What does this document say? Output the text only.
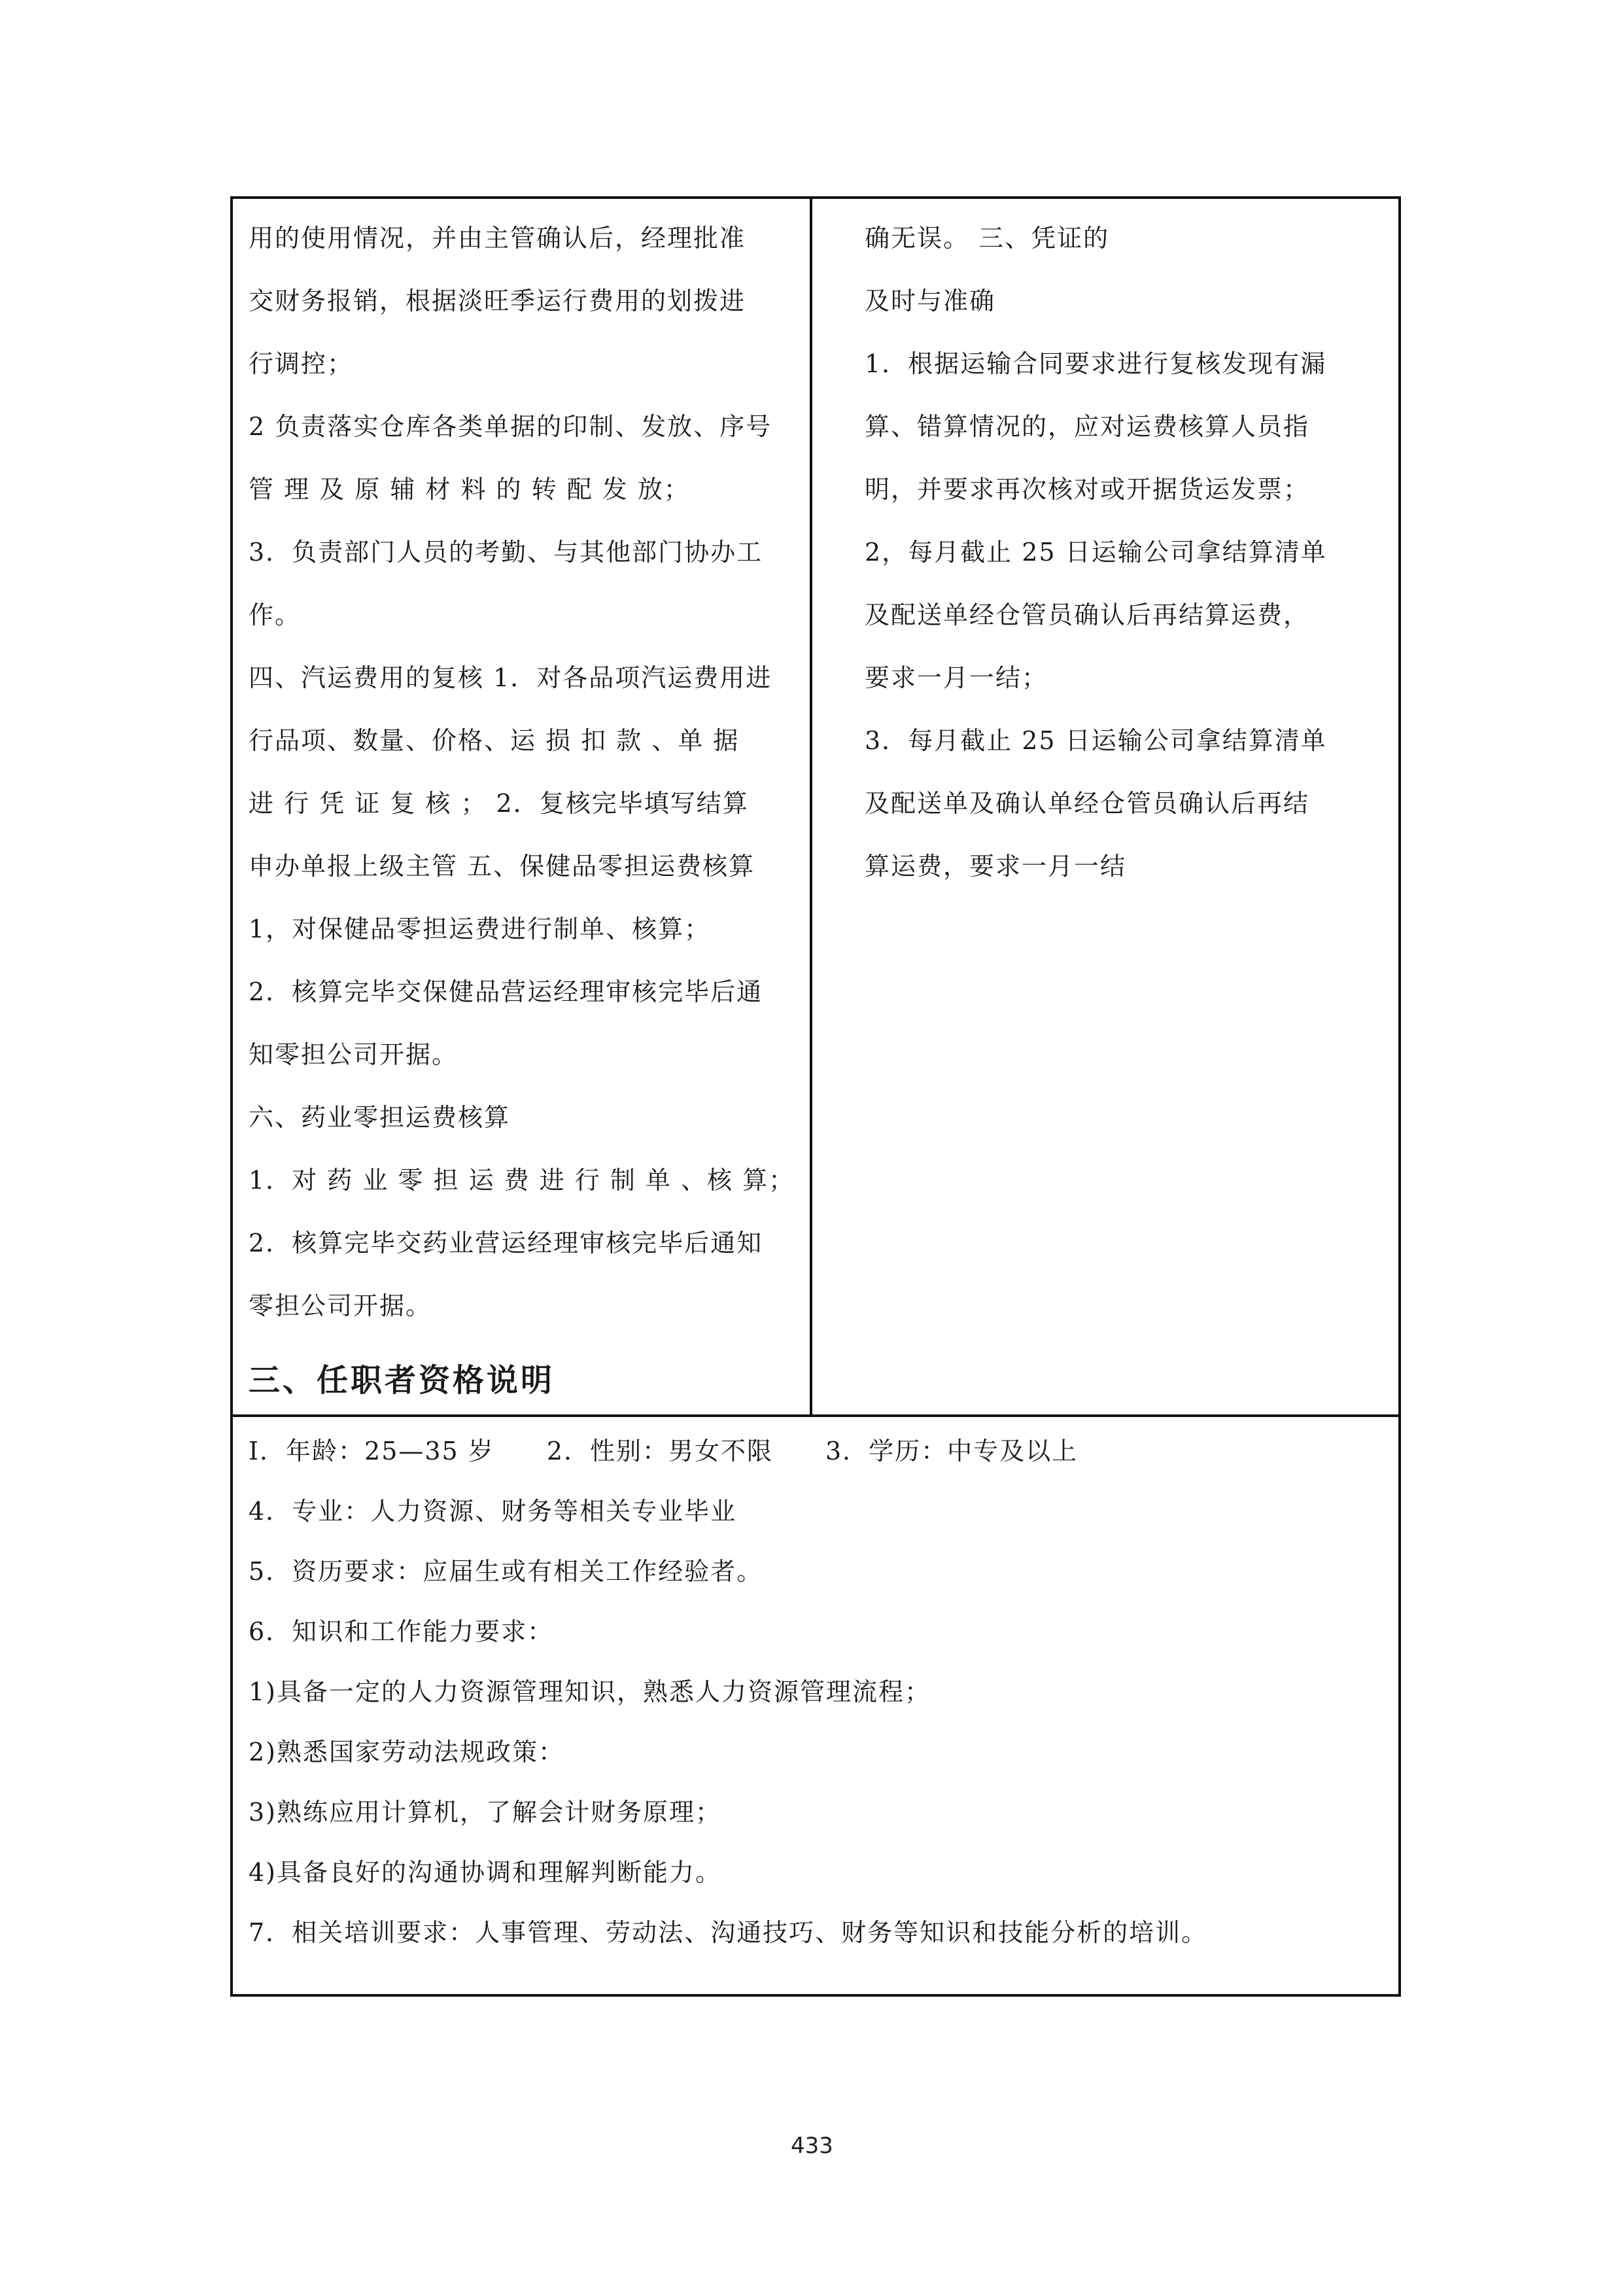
用的使用情况，并由主管确认后，经理批准
交财务报销，根据淡旺季运行费用的划拨进
行调控；
2 负责落实仓库各类单据的印制、发放、序号
管 理 及 原 辅 材 料 的 转 配 发 放；
3．负责部门人员的考勤、与其他部门协办工
作。
四、汽运费用的复核 1．对各品项汽运费用进
行品项、数量、价格、运 损 扣 款 、单 据
进 行 凭 证 复 核 ； 2．复核完毕填写结算
申办单报上级主管 五、保健品零担运费核算
1，对保健品零担运费进行制单、核算；
2．核算完毕交保健品营运经理审核完毕后通
知零担公司开据。
六、药业零担运费核算
1．对 药 业 零 担 运 费 进 行 制 单 、核 算；
2．核算完毕交药业营运经理审核完毕后通知
零担公司开据。
三、任职者资格说明
确无误。 三、凭证的
及时与准确
1．根据运输合同要求进行复核发现有漏
算、错算情况的，应对运费核算人员指
明，并要求再次核对或开据货运发票；
2，每月截止 25 日运输公司拿结算清单
及配送单经仓管员确认后再结算运费，
要求一月一结；
3．每月截止 25 日运输公司拿结算清单
及配送单及确认单经仓管员确认后再结
算运费，要求一月一结
I．年龄：25—35 岁 2．性别：男女不限 3．学历：中专及以上
4．专业：人力资源、财务等相关专业毕业
5．资历要求：应届生或有相关工作经验者。
6．知识和工作能力要求：
1)具备一定的人力资源管理知识，熟悉人力资源管理流程；
2)熟悉国家劳动法规政策：
3)熟练应用计算机，了解会计财务原理；
4)具备良好的沟通协调和理解判断能力。
7．相关培训要求：人事管理、劳动法、沟通技巧、财务等知识和技能分析的培训。
433
